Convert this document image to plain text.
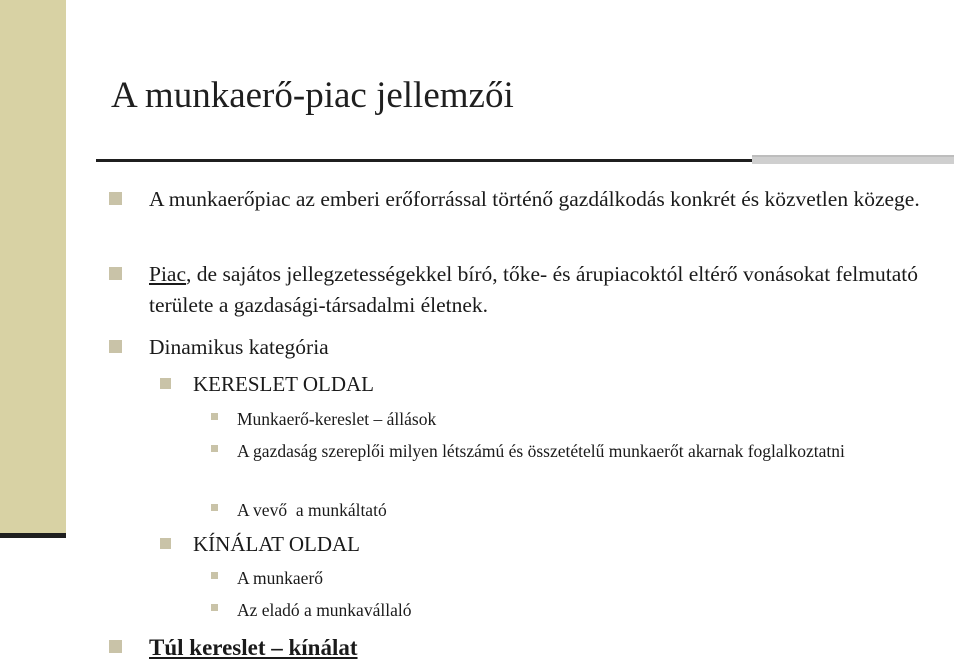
A munkaerő-piac jellemzői
A munkaerőpiac az emberi erőforrással történő gazdálkodás konkrét és közvetlen közege.
Piac, de sajátos jellegzetességekkel bíró, tőke- és árupiacoktól eltérő vonásokat felmutató területe a gazdasági-társadalmi életnek.
Dinamikus kategória
KERESLET OLDAL
Munkaerő-kereslet – állások
A gazdaság szereplői milyen létszámú és összetételű munkaerőt akarnak foglalkoztatni
A vevő  a munkáltató
KÍNÁLAT OLDAL
A munkaerő
Az eladó a munkavállaló
Túl kereslet – kínálat
